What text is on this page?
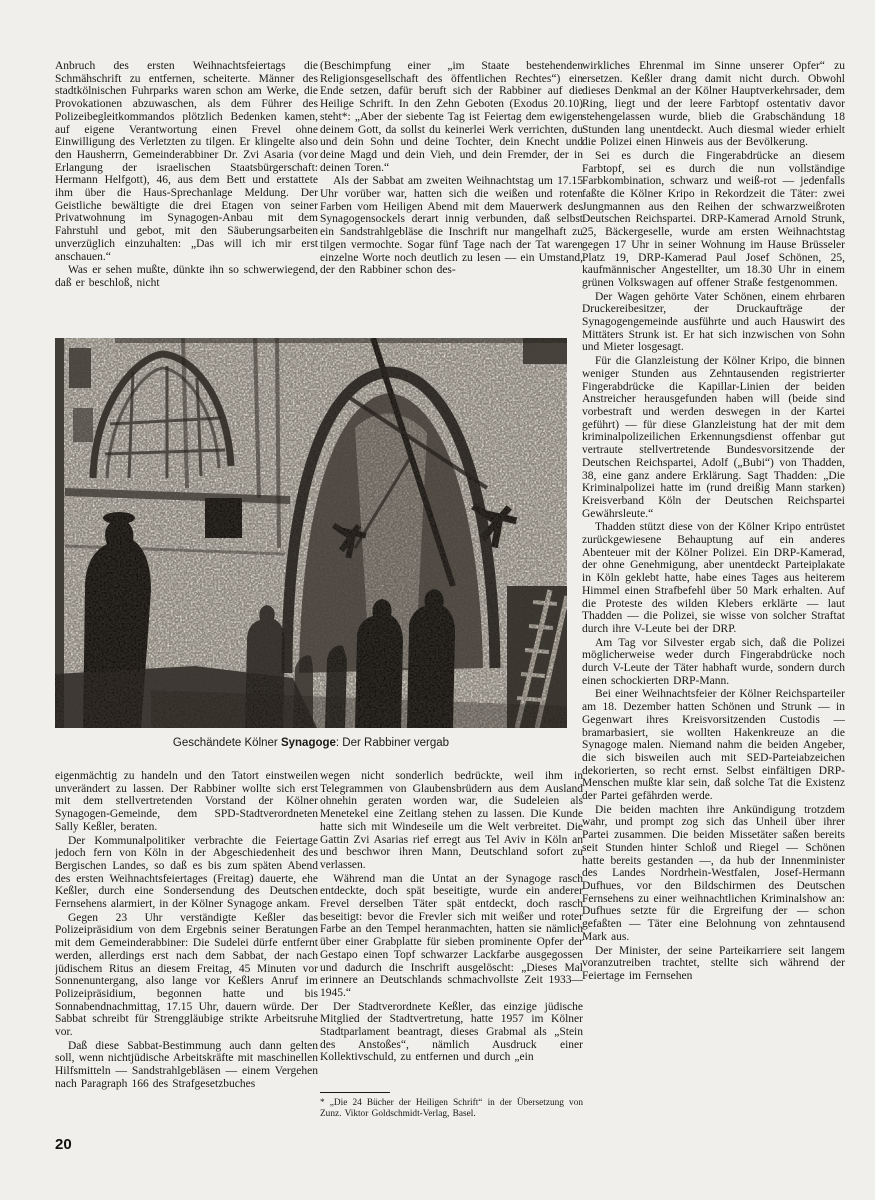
Anbruch des ersten Weihnachtsfeiertags die Schmähschrift zu entfernen, scheiterte. Männer des stadtkölnischen Fuhrparks waren schon am Werke, die Provokationen abzuwaschen, als dem Führer des Polizeibegleitkommandos plötzlich Bedenken kamen, auf eigene Verantwortung einen Frevel ohne Einwilligung des Verletzten zu tilgen. Er klingelte also den Hausherrn, Gemeinderabbiner Dr. Zvi Asaria (vor Erlangung der israelischen Staatsbürgerschaft: Hermann Helfgott), 46, aus dem Bett und erstattete ihm über die Haus-Sprechanlage Meldung. Der Geistliche bewältigte die drei Etagen von seiner Privatwohnung im Synagogen-Anbau mit dem Fahrstuhl und gebot, mit den Säuberungsarbeiten unverzüglich einzuhalten: „Das will ich mir erst anschauen.“

Was er sehen mußte, dünkte ihn so schwerwiegend, daß er beschloß, nicht

(Beschimpfung einer „im Staate bestehenden Religionsgesellschaft des öffentlichen Rechtes“) ein Ende setzen, dafür beruft sich der Rabbiner auf die Heilige Schrift. In den Zehn Geboten (Exodus 20.10) steht*: „Aber der siebente Tag ist Feiertag dem ewigen deinem Gott, da sollst du keinerlei Werk verrichten, du und dein Sohn und deine Tochter, dein Knecht und deine Magd und dein Vieh, und dein Fremder, der in deinen Toren.“

Als der Sabbat am zweiten Weihnachtstag um 17.15 Uhr vorüber war, hatten sich die weißen und roten Farben vom Heiligen Abend mit dem Mauerwerk des Synagogensockels derart innig verbunden, daß selbst ein Sandstrahlgebläse die Inschrift nur mangelhaft zu tilgen vermochte. Sogar fünf Tage nach der Tat waren einzelne Worte noch deutlich zu lesen — ein Umstand, der den Rabbiner schon des-

Geschändete Kölner Synagoge: Der Rabbiner vergab

eigenmächtig zu handeln und den Tatort einstweilen unverändert zu lassen. Der Rabbiner wollte sich erst mit dem stellvertretenden Vorstand der Kölner Synagogen-Gemeinde, dem SPD-Stadtverordneten Sally Keßler, beraten.

Der Kommunalpolitiker verbrachte die Feiertage jedoch fern von Köln in der Abgeschiedenheit des Bergischen Landes, so daß es bis zum späten Abend des ersten Weihnachtsfeiertages (Freitag) dauerte, ehe Keßler, durch eine Sondersendung des Deutschen Fernsehens alarmiert, in der Kölner Synagoge ankam.

Gegen 23 Uhr verständigte Keßler das Polizeipräsidium von dem Ergebnis seiner Beratungen mit dem Gemeinderabbiner: Die Sudelei dürfe entfernt werden, allerdings erst nach dem Sabbat, der nach jüdischem Ritus an diesem Freitag, 45 Minuten vor Sonnenuntergang, also lange vor Keßlers Anruf im Polizeipräsidium, begonnen hatte und bis Sonnabendnachmittag, 17.15 Uhr, dauern würde. Der Sabbat schreibt für Strenggläubige strikte Arbeitsruhe vor.

Daß diese Sabbat-Bestimmung auch dann gelten soll, wenn nichtjüdische Arbeitskräfte mit maschinellen Hilfsmitteln — Sandstrahlgebläsen — einem Vergehen nach Paragraph 166 des Strafgesetzbuches

wegen nicht sonderlich bedrückte, weil ihm in Telegrammen von Glaubensbrüdern aus dem Ausland ohnehin geraten worden war, die Sudeleien als Menetekel eine Zeitlang stehen zu lassen. Die Kunde hatte sich mit Windeseile um die Welt verbreitet. Die Gattin Zvi Asarias rief erregt aus Tel Aviv in Köln an und beschwor ihren Mann, Deutschland sofort zu verlassen.

Während man die Untat an der Synagoge rasch entdeckte, doch spät beseitigte, wurde ein anderer Frevel derselben Täter spät entdeckt, doch rasch beseitigt: bevor die Frevler sich mit weißer und roter Farbe an den Tempel heranmachten, hatten sie nämlich über einer Grabplatte für sieben prominente Opfer der Gestapo einen Topf schwarzer Lackfarbe ausgegossen und dadurch die Inschrift ausgelöscht: „Dieses Mal erinnere an Deutschlands schmachvollste Zeit 1933—1945.“

Der Stadtverordnete Keßler, das einzige jüdische Mitglied der Stadtvertretung, hatte 1957 im Kölner Stadtparlament beantragt, dieses Grabmal als „Stein des Anstoßes“, nämlich Ausdruck einer Kollektivschuld, zu entfernen und durch „ein

* „Die 24 Bücher der Heiligen Schrift“ in der Übersetzung von Zunz. Viktor Goldschmidt-Verlag, Basel.

wirkliches Ehrenmal im Sinne unserer Opfer“ zu ersetzen. Keßler drang damit nicht durch. Obwohl dieses Denkmal an der Kölner Hauptverkehrsader, dem Ring, liegt und der leere Farbtopf ostentativ davor stehengelassen wurde, blieb die Grabschändung 18 Stunden lang unentdeckt. Auch diesmal wieder erhielt die Polizei einen Hinweis aus der Bevölkerung.

Sei es durch die Fingerabdrücke an diesem Farbtopf, sei es durch die nun vollständige Farbkombination, schwarz und weiß-rot — jedenfalls faßte die Kölner Kripo in Rekordzeit die Täter: zwei Jungmannen aus den Reihen der schwarzweißroten Deutschen Reichspartei. DRP-Kamerad Arnold Strunk, 25, Bäckergeselle, wurde am ersten Weihnachtstag gegen 17 Uhr in seiner Wohnung im Hause Brüsseler Platz 19, DRP-Kamerad Paul Josef Schönen, 25, kaufmännischer Angestellter, um 18.30 Uhr in einem grünen Volkswagen auf offener Straße festgenommen.

Der Wagen gehörte Vater Schönen, einem ehrbaren Druckereibesitzer, der Druckaufträge der Synagogengemeinde ausführte und auch Hauswirt des Mittäters Strunk ist. Er hat sich inzwischen von Sohn und Mieter losgesagt.

Für die Glanzleistung der Kölner Kripo, die binnen weniger Stunden aus Zehntausenden registrierter Fingerabdrücke die Kapillar-Linien der beiden Anstreicher herausgefunden haben will (beide sind vorbestraft und werden deswegen in der Kartei geführt) — für diese Glanzleistung hat der mit dem kriminalpolizeilichen Erkennungsdienst offenbar gut vertraute stellvertretende Bundesvorsitzende der Deutschen Reichspartei, Adolf („Bubi“) von Thadden, 38, eine ganz andere Erklärung. Sagt Thadden: „Die Kriminalpolizei hatte im (rund dreißig Mann starken) Kreisverband Köln der Deutschen Reichspartei Gewährsleute.“

Thadden stützt diese von der Kölner Kripo entrüstet zurückgewiesene Behauptung auf ein anderes Abenteuer mit der Kölner Polizei. Ein DRP-Kamerad, der ohne Genehmigung, aber unentdeckt Parteiplakate in Köln geklebt hatte, habe eines Tages aus heiterem Himmel einen Strafbefehl über 50 Mark erhalten. Auf die Proteste des wilden Klebers erklärte — laut Thadden — die Polizei, sie wisse von solcher Straftat durch ihre V-Leute bei der DRP.

Am Tag vor Silvester ergab sich, daß die Polizei möglicherweise weder durch Fingerabdrücke noch durch V-Leute der Täter habhaft wurde, sondern durch einen schockierten DRP-Mann.

Bei einer Weihnachtsfeier der Kölner Reichsparteiler am 18. Dezember hatten Schönen und Strunk — in Gegenwart ihres Kreisvorsitzenden Custodis — bramarbasiert, sie wollten Hakenkreuze an die Synagoge malen. Niemand nahm die beiden Angeber, die sich bisweilen auch mit SED-Parteiabzeichen dekorierten, so recht ernst. Selbst einfältigen DRP-Menschen mußte klar sein, daß solche Tat die Existenz der Partei gefährden werde.

Die beiden machten ihre Ankündigung trotzdem wahr, und prompt zog sich das Unheil über ihrer Partei zusammen. Die beiden Missetäter saßen bereits seit Stunden hinter Schloß und Riegel — Schönen hatte bereits gestanden —, da hub der Innenminister des Landes Nordrhein-Westfalen, Josef-Hermann Dufhues, vor den Bildschirmen des Deutschen Fernsehens zu einer weihnachtlichen Kriminalshow an: Dufhues setzte für die Ergreifung der — schon gefaßten — Täter eine Belohnung von zehntausend Mark aus.

Der Minister, der seine Parteikarriere seit langem voranzutreiben trachtet, stellte sich während der Feiertage im Fernsehen

20
